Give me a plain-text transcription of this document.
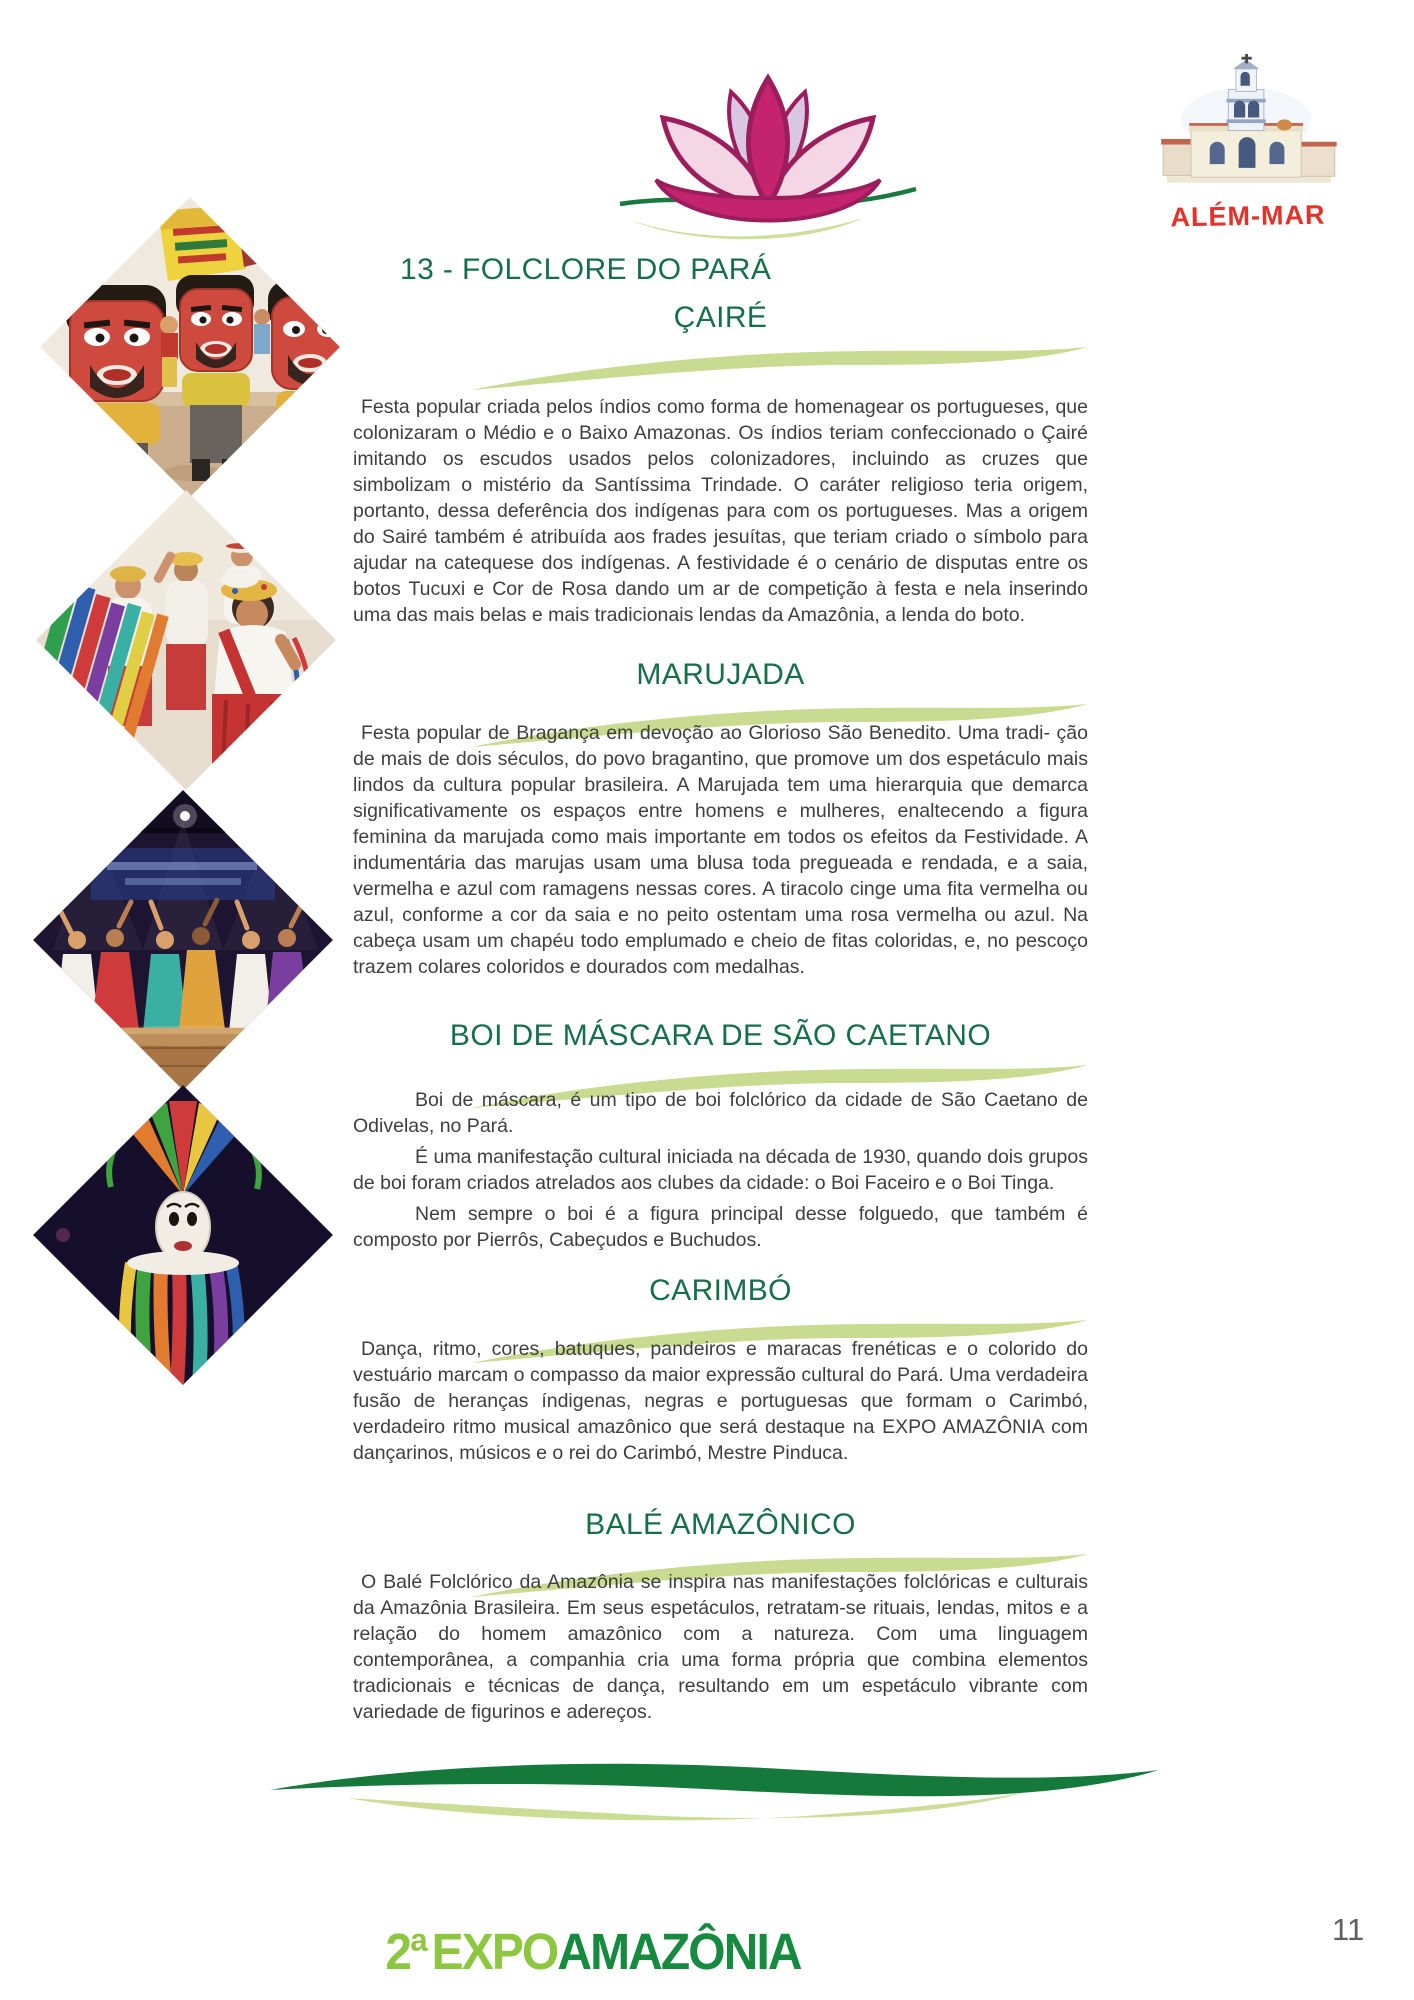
ALÉM-MAR
13 - FOLCLORE DO PARÁ
ÇAIRÉ

Festa popular criada pelos índios como forma de homenagear os portugueses, que colonizaram o Médio e o Baixo Amazonas. Os índios teriam confeccionado o Çairé imitando os escudos usados pelos colonizadores, incluindo as cruzes que simbolizam o mistério da Santíssima Trindade. O caráter religioso teria origem, portanto, dessa deferência dos indígenas para com os portugueses. Mas a origem do Sairé também é atribuída aos frades jesuítas, que teriam criado o símbolo para ajudar na catequese dos indígenas. A festividade é o cenário de disputas entre os botos Tucuxi e Cor de Rosa dando um ar de competição à festa e nela inserindo uma das mais belas e mais tradicionais lendas da Amazônia, a lenda do boto.

MARUJADA

Festa popular de Bragança em devoção ao Glorioso São Benedito. Uma tradi- ção de mais de dois séculos, do povo bragantino, que promove um dos espetáculo mais lindos da cultura popular brasileira. A Marujada tem uma hierarquia que demarca significativamente os espaços entre homens e mulheres, enaltecendo a figura feminina da marujada como mais importante em todos os efeitos da Festividade. A indumentária das marujas usam uma blusa toda pregueada e rendada, e a saia, vermelha e azul com ramagens nessas cores. A tiracolo cinge uma fita vermelha ou azul, conforme a cor da saia e no peito ostentam uma rosa vermelha ou azul. Na cabeça usam um chapéu todo emplumado e cheio de fitas coloridas, e, no pescoço trazem colares coloridos e dourados com medalhas.

BOI DE MÁSCARA DE SÃO CAETANO

Boi de máscara, é um tipo de boi folclórico da cidade de São Caetano de Odivelas, no Pará.

É uma manifestação cultural iniciada na década de 1930, quando dois grupos de boi foram criados atrelados aos clubes da cidade: o Boi Faceiro e o Boi Tinga.

Nem sempre o boi é a figura principal desse folguedo, que também é composto por Pierrôs, Cabeçudos e Buchudos.

CARIMBÓ

Dança, ritmo, cores, batuques, pandeiros e maracas frenéticas e o colorido do vestuário marcam o compasso da maior expressão cultural do Pará. Uma verdadeira fusão de heranças índigenas, negras e portuguesas que formam o Carimbó, verdadeiro ritmo musical amazônico que será destaque na EXPO AMAZÔNIA com dançarinos, músicos e o rei do Carimbó, Mestre Pinduca.

BALÉ AMAZÔNICO

O Balé Folclórico da Amazônia se inspira nas manifestações folclóricas e culturais da Amazônia Brasileira. Em seus espetáculos, retratam-se rituais, lendas, mitos e a relação do homem amazônico com a natureza. Com uma linguagem contemporânea, a companhia cria uma forma própria que combina elementos tradicionais e técnicas de dança, resultando em um espetáculo vibrante com variedade de figurinos e adereços.

2ª EXPOAMAZÔNIA	11
